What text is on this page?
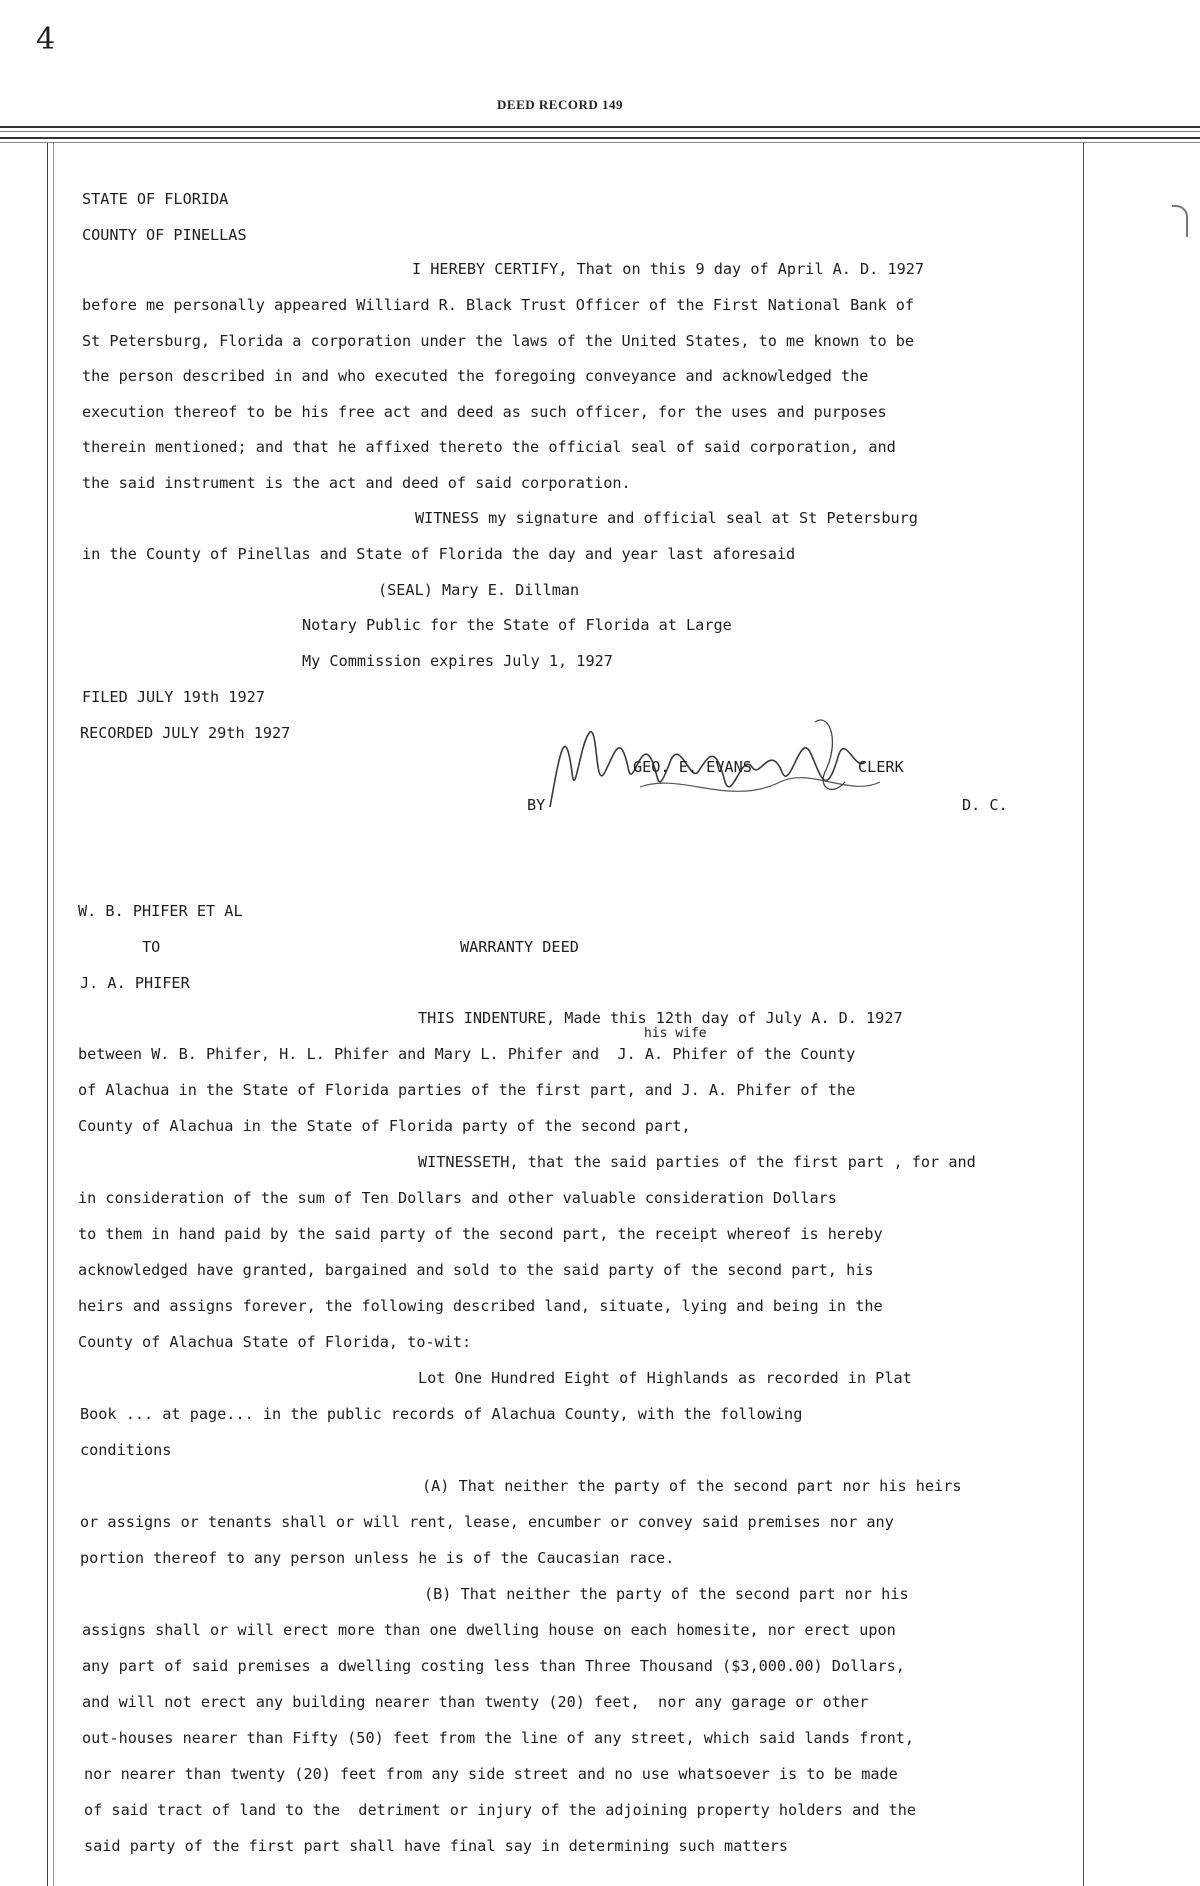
4
DEED RECORD 149
STATE OF FLORIDA
COUNTY OF PINELLAS
I HEREBY CERTIFY, That on this 9 day of April A. D. 1927
before me personally appeared Williard R. Black Trust Officer of the First National Bank of
St Petersburg, Florida a corporation under the laws of the United States, to me known to be
the person described in and who executed the foregoing conveyance and acknowledged the
execution thereof to be his free act and deed as such officer, for the uses and purposes
therein mentioned; and that he affixed thereto the official seal of said corporation, and
the said instrument is the act and deed of said corporation.
WITNESS my signature and official seal at St Petersburg
in the County of Pinellas and State of Florida the day and year last aforesaid
(SEAL) Mary E. Dillman
Notary Public for the State of Florida at Large
My Commission expires July 1, 1927
FILED JULY 19th 1927
RECORDED JULY 29th 1927
GEO. E. EVANS	CLERK
BY	D. C.
W. B. PHIFER ET AL
TO	WARRANTY DEED
J. A. PHIFER
THIS INDENTURE, Made this 12th day of July A. D. 1927
his wife
between W. B. Phifer, H. L. Phifer and Mary L. Phifer and  J. A. Phifer of the County
of Alachua in the State of Florida parties of the first part, and J. A. Phifer of the
County of Alachua in the State of Florida party of the second part,
WITNESSETH, that the said parties of the first part , for and
in consideration of the sum of Ten Dollars and other valuable consideration Dollars
to them in hand paid by the said party of the second part, the receipt whereof is hereby
acknowledged have granted, bargained and sold to the said party of the second part, his
heirs and assigns forever, the following described land, situate, lying and being in the
County of Alachua State of Florida, to-wit:
Lot One Hundred Eight of Highlands as recorded in Plat
Book ... at page... in the public records of Alachua County, with the following
conditions
(A) That neither the party of the second part nor his heirs
or assigns or tenants shall or will rent, lease, encumber or convey said premises nor any
portion thereof to any person unless he is of the Caucasian race.
(B) That neither the party of the second part nor his
assigns shall or will erect more than one dwelling house on each homesite, nor erect upon
any part of said premises a dwelling costing less than Three Thousand ($3,000.00) Dollars,
and will not erect any building nearer than twenty (20) feet,  nor any garage or other
out-houses nearer than Fifty (50) feet from the line of any street, which said lands front,
nor nearer than twenty (20) feet from any side street and no use whatsoever is to be made
of said tract of land to the  detriment or injury of the adjoining property holders and the
said party of the first part shall have final say in determining such matters
